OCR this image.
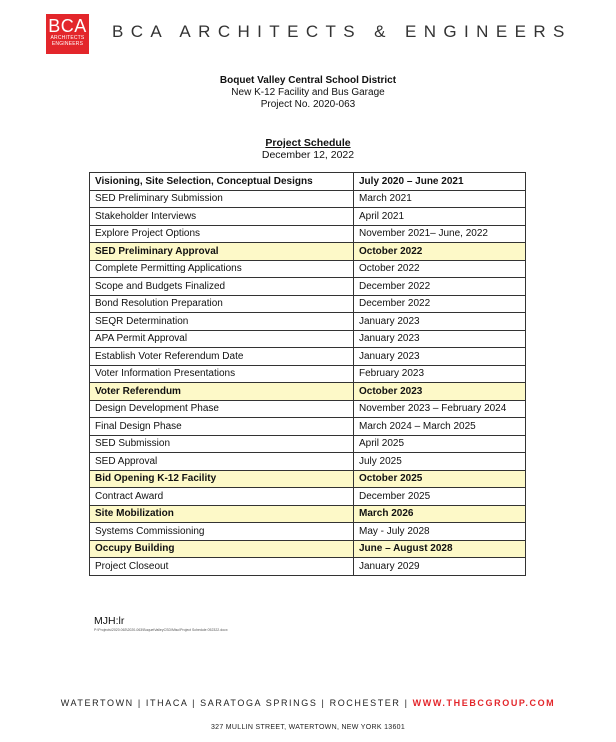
BCA
ARCHITECTS
ENGINEERS
BCA ARCHITECTS & ENGINEERS
Boquet Valley Central School District
New K-12 Facility and Bus Garage
Project No. 2020-063
Project Schedule
December 12, 2022
Visioning, Site Selection, Conceptual Designs	July 2020 – June 2021
SED Preliminary Submission	March 2021
Stakeholder Interviews	April 2021
Explore Project Options	November 2021– June, 2022
SED Preliminary Approval	October 2022
Complete Permitting Applications	October 2022
Scope and Budgets Finalized	December 2022
Bond Resolution Preparation	December 2022
SEQR Determination	January 2023
APA Permit Approval	January 2023
Establish Voter Referendum Date	January 2023
Voter Information Presentations	February 2023
Voter Referendum	October 2023
Design Development Phase	November 2023 – February 2024
Final Design Phase	March 2024 – March 2025
SED Submission	April 2025
SED Approval	July 2025
Bid Opening K-12 Facility	October 2025
Contract Award	December 2025
Site Mobilization	March 2026
Systems Commissioning	May - July 2028
Occupy Building	June – August 2028
Project Closeout	January 2029
MJH:lr
P:\Projects\2020.063\2020-063\BoquetValleyCSD\Misc\Project Schedule 052322.docx
WATERTOWN | ITHACA | SARATOGA SPRINGS | ROCHESTER | WWW.THEBCGROUP.COM
327 MULLIN STREET, WATERTOWN, NEW YORK 13601
